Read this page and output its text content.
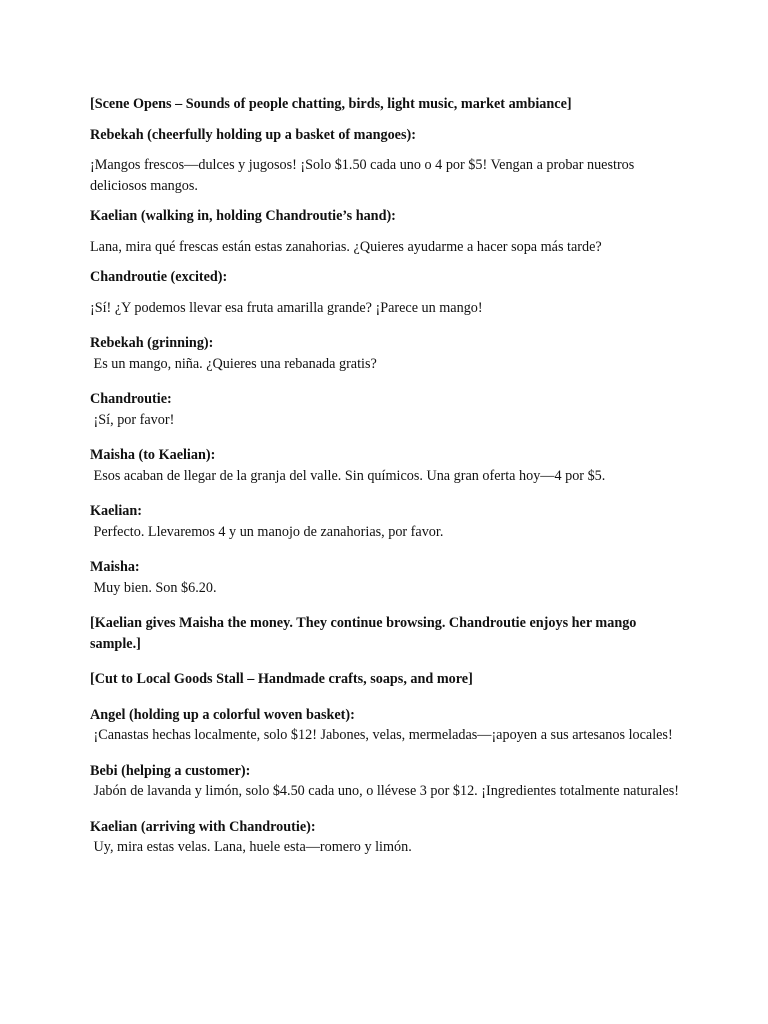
[Scene Opens – Sounds of people chatting, birds, light music, market ambiance]
Rebekah (cheerfully holding up a basket of mangoes):
¡Mangos frescos—dulces y jugosos! ¡Solo $1.50 cada uno o 4 por $5! Vengan a probar nuestros deliciosos mangos.
Kaelian (walking in, holding Chandroutie’s hand):
Lana, mira qué frescas están estas zanahorias. ¿Quieres ayudarme a hacer sopa más tarde?
Chandroutie (excited):
¡Sí! ¿Y podemos llevar esa fruta amarilla grande? ¡Parece un mango!
Rebekah (grinning):
Es un mango, niña. ¿Quieres una rebanada gratis?
Chandroutie:
¡Sí, por favor!
Maisha (to Kaelian):
Esos acaban de llegar de la granja del valle. Sin químicos. Una gran oferta hoy—4 por $5.
Kaelian:
Perfecto. Llevaremos 4 y un manojo de zanahorias, por favor.
Maisha:
Muy bien. Son $6.20.
[Kaelian gives Maisha the money. They continue browsing. Chandroutie enjoys her mango sample.]
[Cut to Local Goods Stall – Handmade crafts, soaps, and more]
Angel (holding up a colorful woven basket):
¡Canastas hechas localmente, solo $12! Jabones, velas, mermeladas—¡apoyen a sus artesanos locales!
Bebi (helping a customer):
Jabón de lavanda y limón, solo $4.50 cada uno, o llévese 3 por $12. ¡Ingredientes totalmente naturales!
Kaelian (arriving with Chandroutie):
Uy, mira estas velas. Lana, huele esta—romero y limón.
